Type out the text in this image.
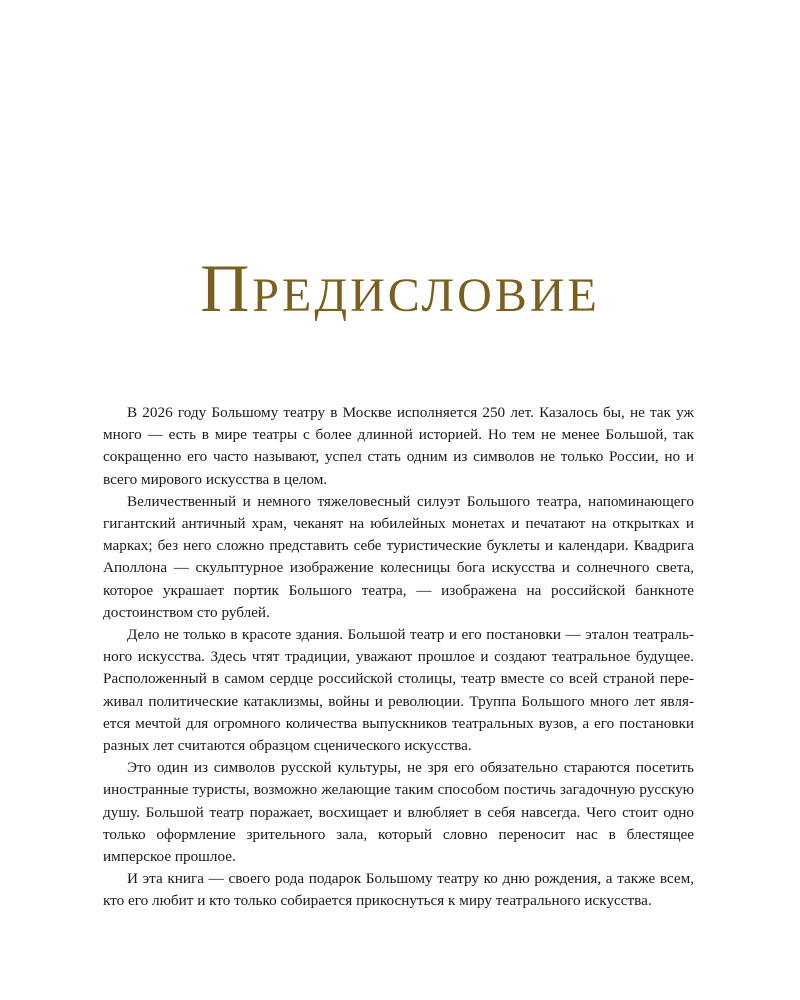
Предисловие

В 2026 году Большому театру в Москве исполняется 250 лет. Казалось бы, не так уж много — есть в мире театры с более длинной историей. Но тем не менее Большой, так сокращенно его часто называют, успел стать одним из символов не только России, но и всего мирового искусства в целом.

Величественный и немного тяжеловесный силуэт Большого театра, напоминающего гигантский античный храм, чеканят на юбилейных монетах и печатают на открытках и марках; без него сложно представить себе туристические буклеты и календари. Квадрига Аполлона — скульптурное изображение колесницы бога искусства и солнечного света, которое украшает портик Большого театра, — изображена на российской банкноте достоинством сто рублей.

Дело не только в красоте здания. Большой театр и его постановки — эталон театрального искусства. Здесь чтят традиции, уважают прошлое и создают театральное будущее. Расположенный в самом сердце российской столицы, театр вместе со всей страной переживал политические катаклизмы, войны и революции. Труппа Большого много лет является мечтой для огромного количества выпускников театральных вузов, а его постановки разных лет считаются образцом сценического искусства.

Это один из символов русской культуры, не зря его обязательно стараются посетить иностранные туристы, возможно желающие таким способом постичь загадочную русскую душу. Большой театр поражает, восхищает и влюбляет в себя навсегда. Чего стоит одно только оформление зрительного зала, который словно переносит нас в блестящее имперское прошлое.

И эта книга — своего рода подарок Большому театру ко дню рождения, а также всем, кто его любит и кто только собирается прикоснуться к миру театрального искусства.
